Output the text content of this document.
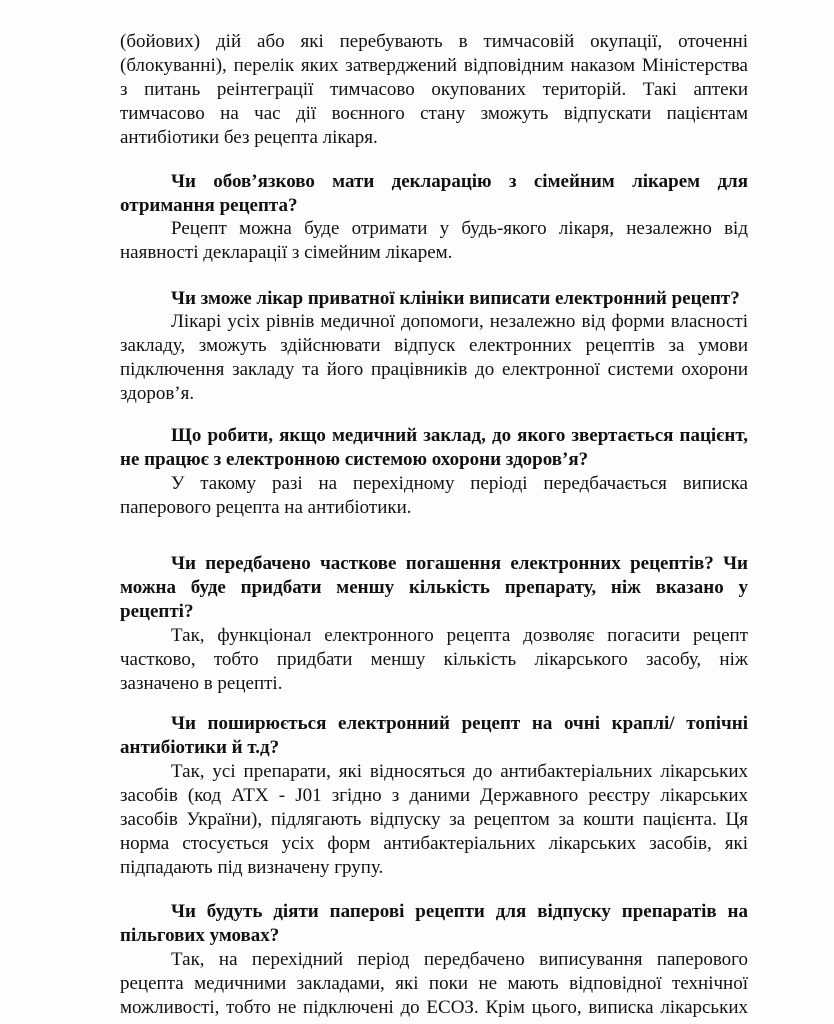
(бойових) дій або які перебувають в тимчасовій окупації, оточенні
(блокуванні), перелік яких затверджений відповідним наказом Міністерства
з питань реінтеграції тимчасово окупованих територій. Такі аптеки
тимчасово на час дії воєнного стану зможуть відпускати пацієнтам
антибіотики без рецепта лікаря.
Чи обов’язково мати декларацію з сімейним лікарем для
отримання рецепта?
Рецепт можна буде отримати у будь-якого лікаря, незалежно від
наявності декларації з сімейним лікарем.
Чи зможе лікар приватної клініки виписати електронний рецепт?
Лікарі усіх рівнів медичної допомоги, незалежно від форми власності
закладу, зможуть здійснювати відпуск електронних рецептів за умови
підключення закладу та його працівників до електронної системи охорони
здоров’я.
Що робити, якщо медичний заклад, до якого звертається пацієнт,
не працює з електронною системою охорони здоров’я?
У такому разі на перехідному періоді передбачається виписка
паперового рецепта на антибіотики.
Чи передбачено часткове погашення електронних рецептів? Чи
можна буде придбати меншу кількість препарату, ніж вказано у
рецепті?
Так, функціонал електронного рецепта дозволяє погасити рецепт
частково, тобто придбати меншу кількість лікарського засобу, ніж
зазначено в рецепті.
Чи поширюється електронний рецепт на очні краплі/ топічні
антибіотики й т.д?
Так, усі препарати, які відносяться до антибактеріальних лікарських
засобів (код АТХ - J01 згідно з даними Державного реєстру лікарських
засобів України), підлягають відпуску за рецептом за кошти пацієнта. Ця
норма стосується усіх форм антибактеріальних лікарських засобів, які
підпадають під визначену групу.
Чи будуть діяти паперові рецепти для відпуску препаратів на
пільгових умовах?
Так, на перехідний період передбачено виписування паперового
рецепта медичними закладами, які поки не мають відповідної технічної
можливості, тобто не підключені до ЕСОЗ. Крім цього, виписка лікарських
